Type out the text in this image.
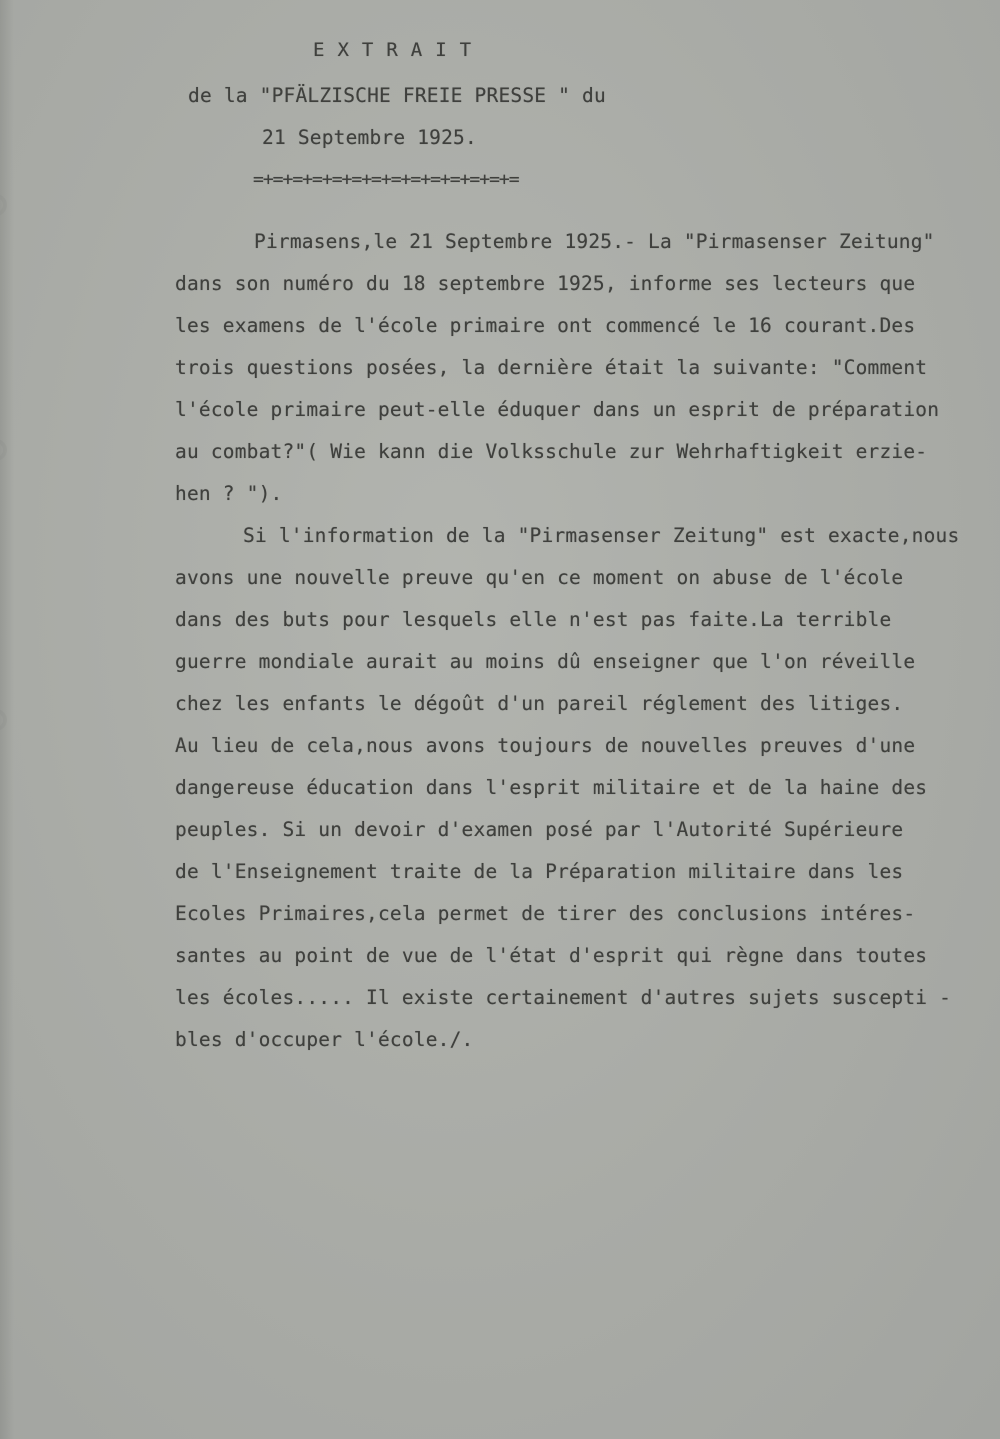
EXTRAIT
de la "PFÄLZISCHE FREIE PRESSE " du
21 Septembre 1925.
=+=+=+=+=+=+=+=+=+=+=+=+=+=
Pirmasens,le 21 Septembre 1925.- La "Pirmasenser Zeitung"
dans son numéro du 18 septembre 1925, informe ses lecteurs que
les examens de l'école primaire ont commencé le 16 courant.Des
trois questions posées, la dernière était la suivante: "Comment
l'école primaire peut-elle éduquer dans un esprit de préparation
au combat?"( Wie kann die Volksschule zur Wehrhaftigkeit erzie-
hen ? ").
Si l'information de la "Pirmasenser Zeitung" est exacte,nous
avons une nouvelle preuve qu'en ce moment on abuse de l'école
dans des buts pour lesquels elle n'est pas faite.La terrible
guerre mondiale aurait au moins dû enseigner que l'on réveille
chez les enfants le dégoût d'un pareil réglement des litiges.
Au lieu de cela,nous avons toujours de nouvelles preuves d'une
dangereuse éducation dans l'esprit militaire et de la haine des
peuples. Si un devoir d'examen posé par l'Autorité Supérieure
de l'Enseignement traite de la Préparation militaire dans les
Ecoles Primaires,cela permet de tirer des conclusions intéres-
santes au point de vue de l'état d'esprit qui règne dans toutes
les écoles..... Il existe certainement d'autres sujets suscepti -
bles d'occuper l'école./.
